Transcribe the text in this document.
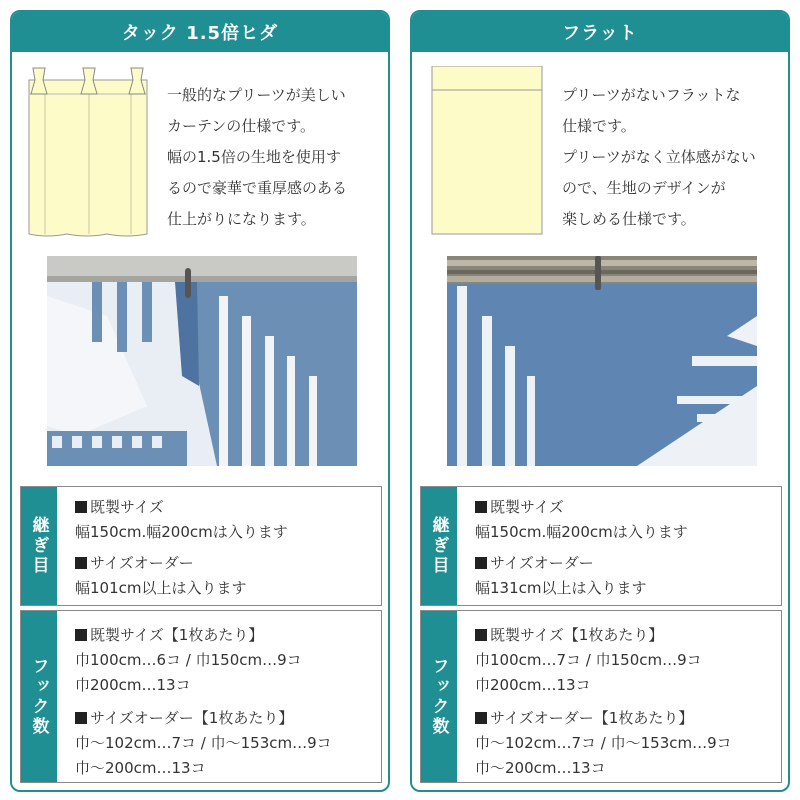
タック 1.5倍ヒダ
一般的なプリーツが美しい
カーテンの仕様です。
幅の1.5倍の生地を使用す
るので豪華で重厚感のある
仕上がりになります。
継ぎ目
既製サイズ
幅150cm.幅200cmは入ります
サイズオーダー
幅101cm以上は入ります
フック数
既製サイズ【1枚あたり】
巾100cm…6コ / 巾150cm…9コ
巾200cm…13コ
サイズオーダー【1枚あたり】
巾～102cm…7コ / 巾～153cm…9コ
巾～200cm…13コ
フラット
プリーツがないフラットな
仕様です。
プリーツがなく立体感がない
ので、生地のデザインが
楽しめる仕様です。
継ぎ目
既製サイズ
幅150cm.幅200cmは入ります
サイズオーダー
幅131cm以上は入ります
フック数
既製サイズ【1枚あたり】
巾100cm…7コ / 巾150cm…9コ
巾200cm…13コ
サイズオーダー【1枚あたり】
巾～102cm…7コ / 巾～153cm…9コ
巾～200cm…13コ
